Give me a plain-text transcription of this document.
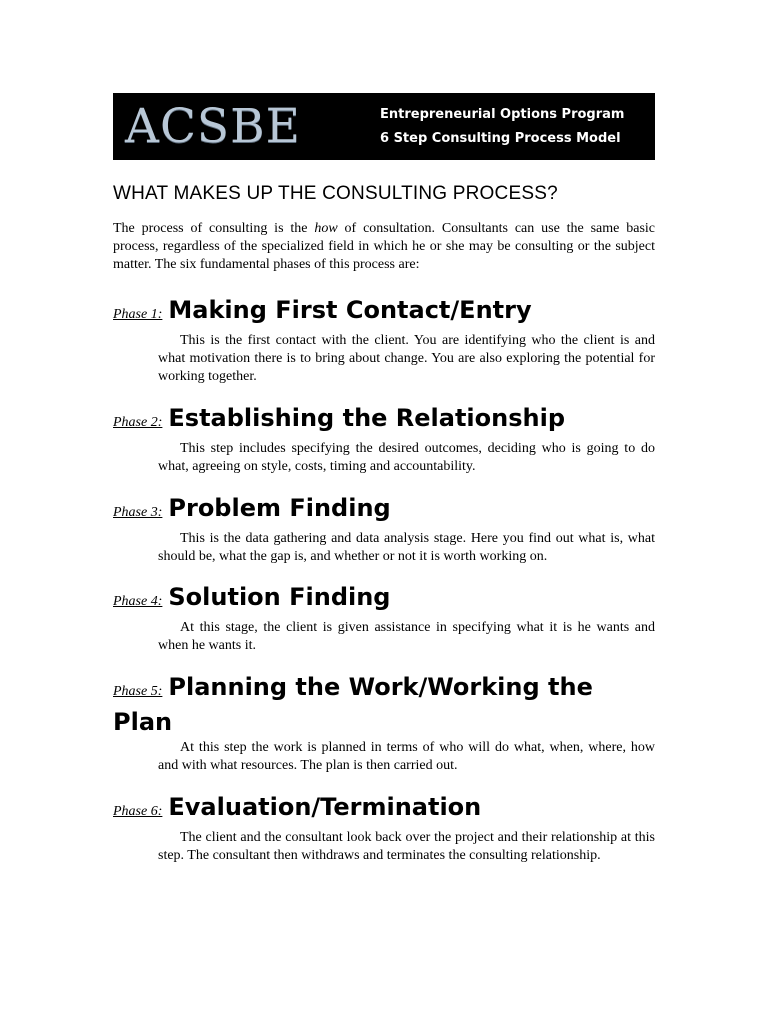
ACSBE	Entrepreneurial Options Program
6 Step Consulting Process Model
WHAT MAKES UP THE CONSULTING PROCESS?
The process of consulting is the how of consultation. Consultants can use the same basic process, regardless of the specialized field in which he or she may be consulting or the subject matter. The six fundamental phases of this process are:

Phase 1: Making First Contact/Entry

This is the first contact with the client. You are identifying who the client is and what motivation there is to bring about change. You are also exploring the potential for working together.

Phase 2: Establishing the Relationship

This step includes specifying the desired outcomes, deciding who is going to do what, agreeing on style, costs, timing and accountability.

Phase 3: Problem Finding

This is the data gathering and data analysis stage. Here you find out what is, what should be, what the gap is, and whether or not it is worth working on.

Phase 4: Solution Finding

At this stage, the client is given assistance in specifying what it is he wants and when he wants it.

Phase 5: Planning the Work/Working the Plan

At this step the work is planned in terms of who will do what, when, where, how and with what resources. The plan is then carried out.

Phase 6: Evaluation/Termination

The client and the consultant look back over the project and their relationship at this step. The consultant then withdraws and terminates the consulting relationship.
